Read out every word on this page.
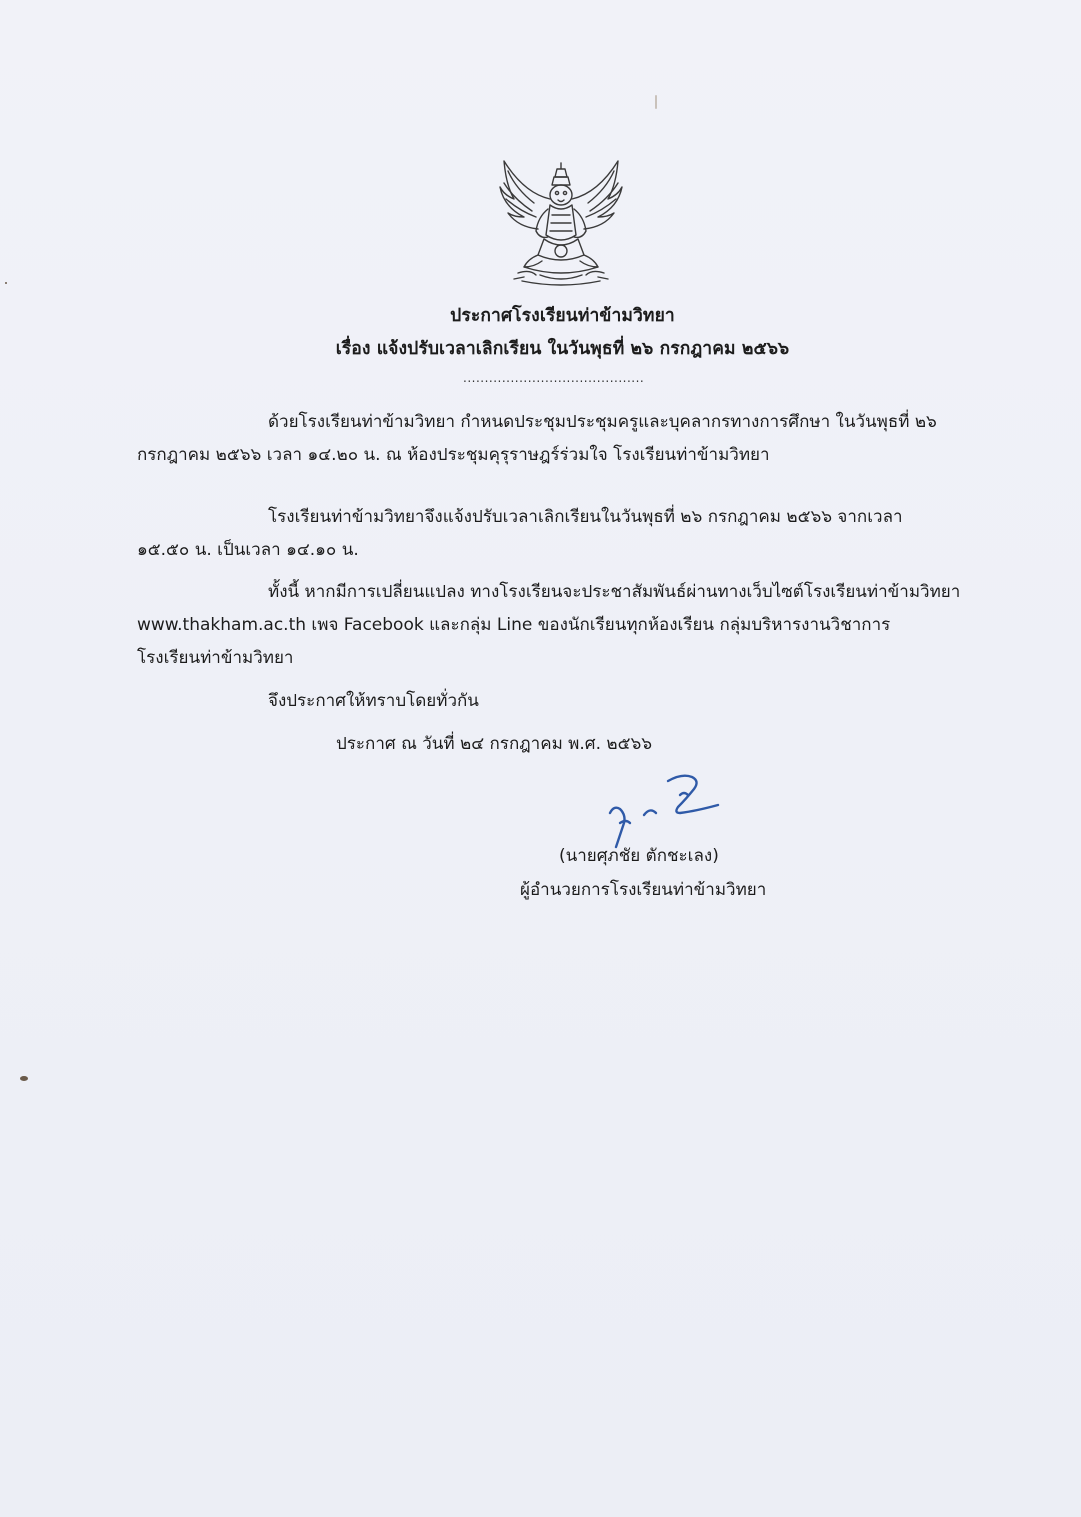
ประกาศโรงเรียนท่าข้ามวิทยา
เรื่อง แจ้งปรับเวลาเลิกเรียน ในวันพุธที่ ๒๖ กรกฎาคม ๒๕๖๖
..........................................
ด้วยโรงเรียนท่าข้ามวิทยา กำหนดประชุมประชุมครูและบุคลากรทางการศึกษา ในวันพุธที่ ๒๖
กรกฎาคม ๒๕๖๖ เวลา ๑๔.๒๐ น. ณ ห้องประชุมคุรุราษฎร์ร่วมใจ โรงเรียนท่าข้ามวิทยา
โรงเรียนท่าข้ามวิทยาจึงแจ้งปรับเวลาเลิกเรียนในวันพุธที่ ๒๖ กรกฎาคม ๒๕๖๖ จากเวลา
๑๕.๕๐ น. เป็นเวลา ๑๔.๑๐ น.
ทั้งนี้ หากมีการเปลี่ยนแปลง ทางโรงเรียนจะประชาสัมพันธ์ผ่านทางเว็บไซต์โรงเรียนท่าข้ามวิทยา
www.thakham.ac.th เพจ Facebook และกลุ่ม Line ของนักเรียนทุกห้องเรียน กลุ่มบริหารงานวิชาการ
โรงเรียนท่าข้ามวิทยา
จึงประกาศให้ทราบโดยทั่วกัน
ประกาศ ณ วันที่ ๒๔ กรกฎาคม พ.ศ. ๒๕๖๖
(นายศุภชัย ตักชะเลง)
ผู้อำนวยการโรงเรียนท่าข้ามวิทยา
